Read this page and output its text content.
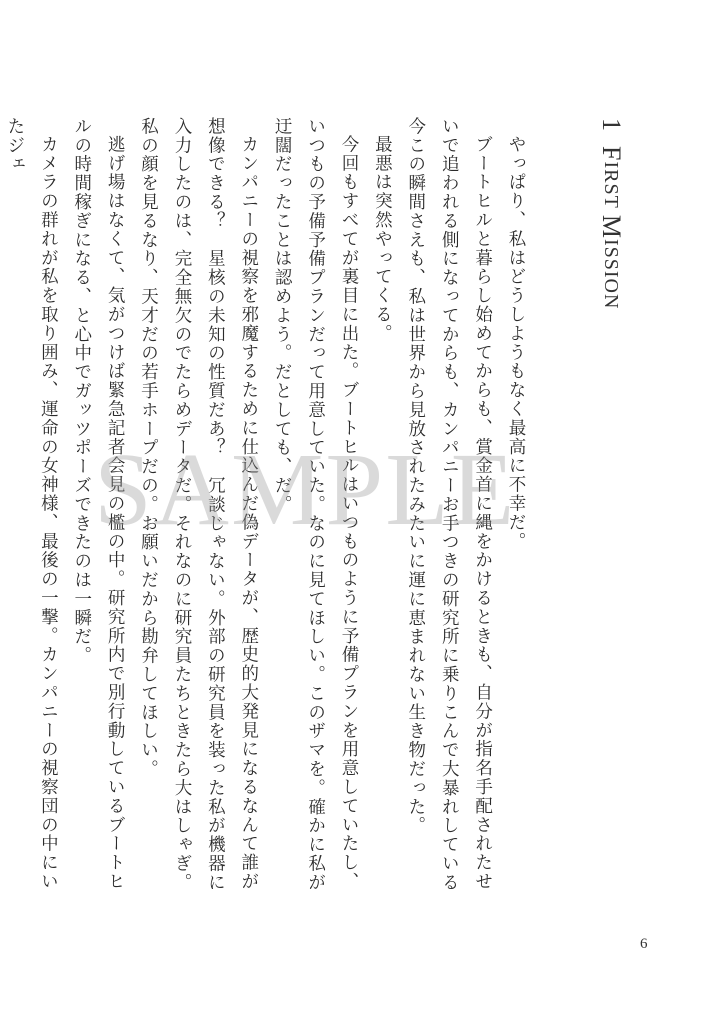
1FIRST MISSION

やっぱり、私はどうしようもなく最高に不幸だ。

ブートヒルと暮らし始めてからも、賞金首に縄をかけるときも、自分が指名手配されたせいで追われる側になってからも、カンパニーお手つきの研究所に乗りこんで大暴れしている今この瞬間さえも、私は世界から見放されたみたいに運に恵まれない生き物だった。

最悪は突然やってくる。

今回もすべてが裏目に出た。ブートヒルはいつものように予備プランを用意していたし、いつもの予備予備プランだって用意していた。なのに見てほしい。このザマを。確かに私が迂闊だったことは認めよう。だとしても、だ。

カンパニーの視察を邪魔するために仕込んだ偽データが、歴史的大発見になるなんて誰が想像できる？　星核の未知の性質だあ？　冗談じゃない。外部の研究員を装った私が機器に入力したのは、完全無欠のでたらめデータだ。それなのに研究員たちときたら大はしゃぎ。私の顔を見るなり、天才だの若手ホープだの。お願いだから勘弁してほしい。

逃げ場はなくて、気がつけば緊急記者会見の檻の中。研究所内で別行動しているブートヒルの時間稼ぎになる、と心中でガッツポーズできたのは一瞬だ。

カメラの群れが私を取り囲み、運命の女神様、最後の一撃。カンパニーの視察団の中にいたジェ

SAMPLE
6
